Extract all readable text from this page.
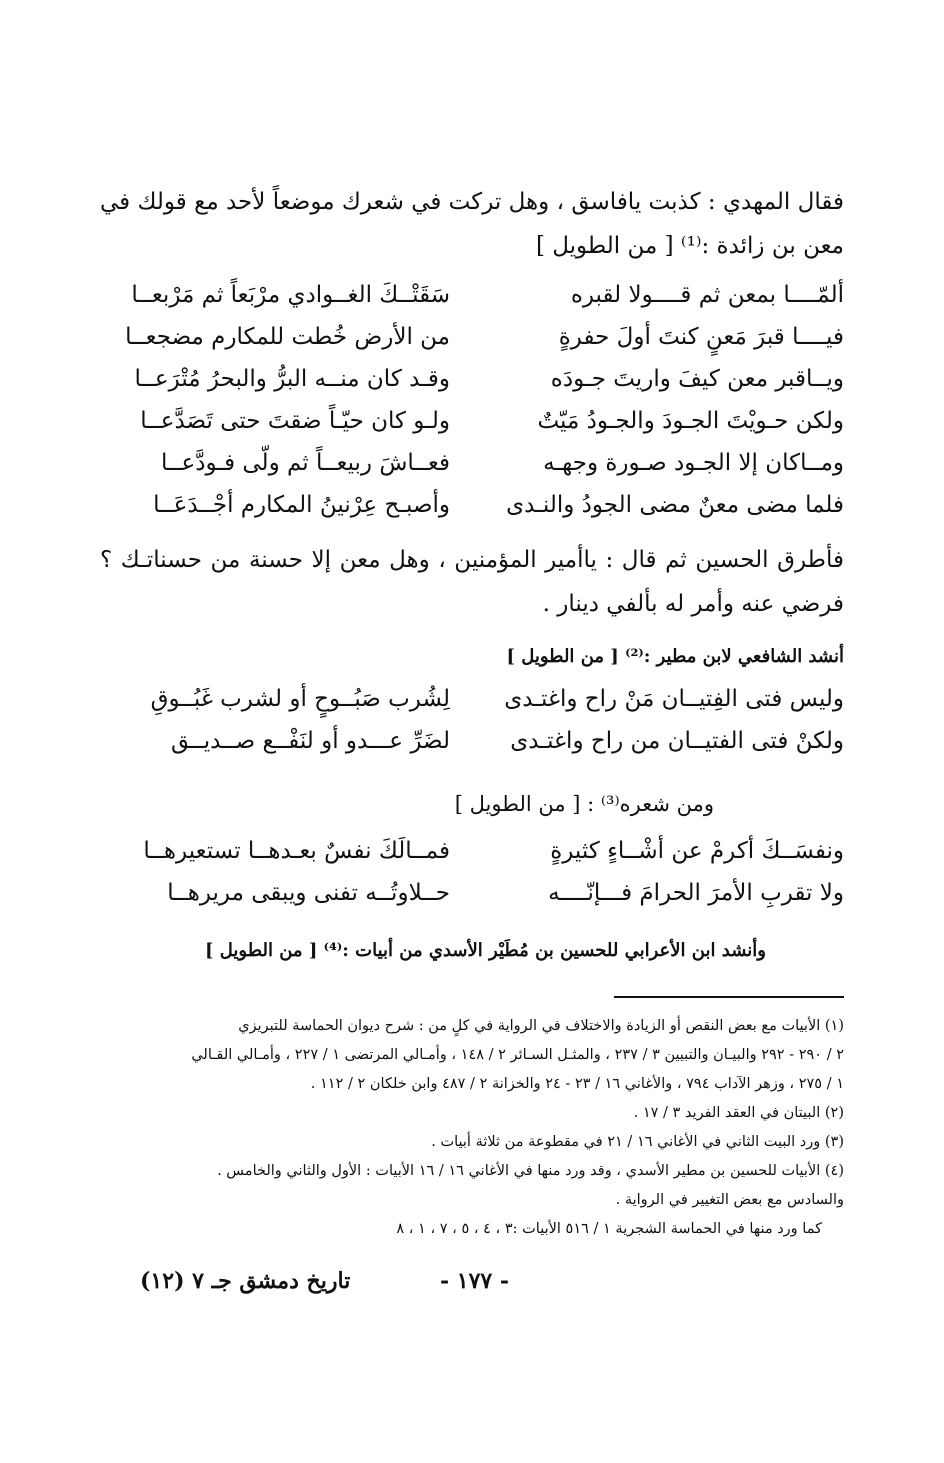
فقال المهدي : كذبت يافاسق ، وهل تركت في شعرك موضعاً لأحد مع قولك في معن بن زائدة :⁽¹⁾ [ من الطويل ]
ألمّــــا بمعن ثم قــــولا لقبره
سَقَتْــكَ الغــوادي مرْبَعاً ثم مَرْبعــا
فيــــا قبرَ مَعنٍ كنتَ أولَ حفرةٍ
من الأرض خُطت للمكارم مضجعــا
ويــاقبر معن كيفَ واريتَ جـودَه
وقـد كان منــه البرُّ والبحرُ مُتْرَعــا
ولكن حـويْتَ الجـودَ والجـودُ مَيّتٌ
ولـو كان حيّـاً ضقتَ حتى تَصَدَّعــا
ومــاكان إلا الجـود صـورة وجهـه
فعــاشَ ربيعــاً ثم ولّى فـودَّعــا
فلما مضى معنٌ مضى الجودُ والنـدى
وأصبـح عِرْنينُ المكارم أجْــدَعَــا
فأطرق الحسين ثم قال : ياأمير المؤمنين ، وهل معن إلا حسنة من حسناتـك ؟ فرضي عنه وأمر له بألفي دينار .
أنشد الشافعي لابن مطير :⁽²⁾ [ من الطويل ]
وليس فتى الفِتيــان مَنْ راح واغتـدى
لِشُرب صَبُــوحٍ أو لشرب غَبُــوقِ
ولكنْ فتى الفتيــان من راح واغتـدى
لضَرِّ عـــدو أو لنَفْــع صــديــق
ومن شعره⁽³⁾ : [ من الطويل ]
ونفسَــكَ أكرمْ عن أشْــاءٍ كثيرةٍ
فمــالَكَ نفسٌ بعـدهــا تستعيرهــا
ولا تقربِ الأمرَ الحرامَ فـــإنّــــه
حــلاوتُــه تفنى ويبقى مريرهــا
وأنشد ابن الأعرابي للحسين بن مُطَيْر الأسدي من أبيات :⁽⁴⁾ [ من الطويل ]
(١) الأبيات مع بعض النقص أو الزيادة والاختلاف في الرواية في كلٍ من : شرح ديوان الحماسة للتبريزي
٢ / ٢٩٠ - ٢٩٢ والبيـان والتبيين ٣ / ٢٣٧ ، والمثـل السـائر ٢ / ١٤٨ ، وأمـالي المرتضى ١ / ٢٢٧ ، وأمـالي القـالي
١ / ٢٧٥ ، وزهر الآداب ٧٩٤ ، والأغاني ١٦ / ٢٣ - ٢٤ والخزانة ٢ / ٤٨٧ وابن خلكان ٢ / ١١٢ .
(٢) البيتان في العقد الفريد ٣ / ١٧ .
(٣) ورد البيت الثاني في الأغاني ١٦ / ٢١ في مقطوعة من ثلاثة أبيات .
(٤) الأبيات للحسين بن مطير الأسدي ، وقد ورد منها في الأغاني ١٦ / ١٦ الأبيات : الأول والثاني والخامس .
والسادس مع بعض التغيير في الرواية .
كما ورد منها في الحماسة الشجرية ١ / ٥١٦ الأبيات :٣ ، ٤ ، ٥ ، ٧ ، ١ ، ٨
- ١٧٧ -
تاريخ دمشق جـ ٧ (١٢)
